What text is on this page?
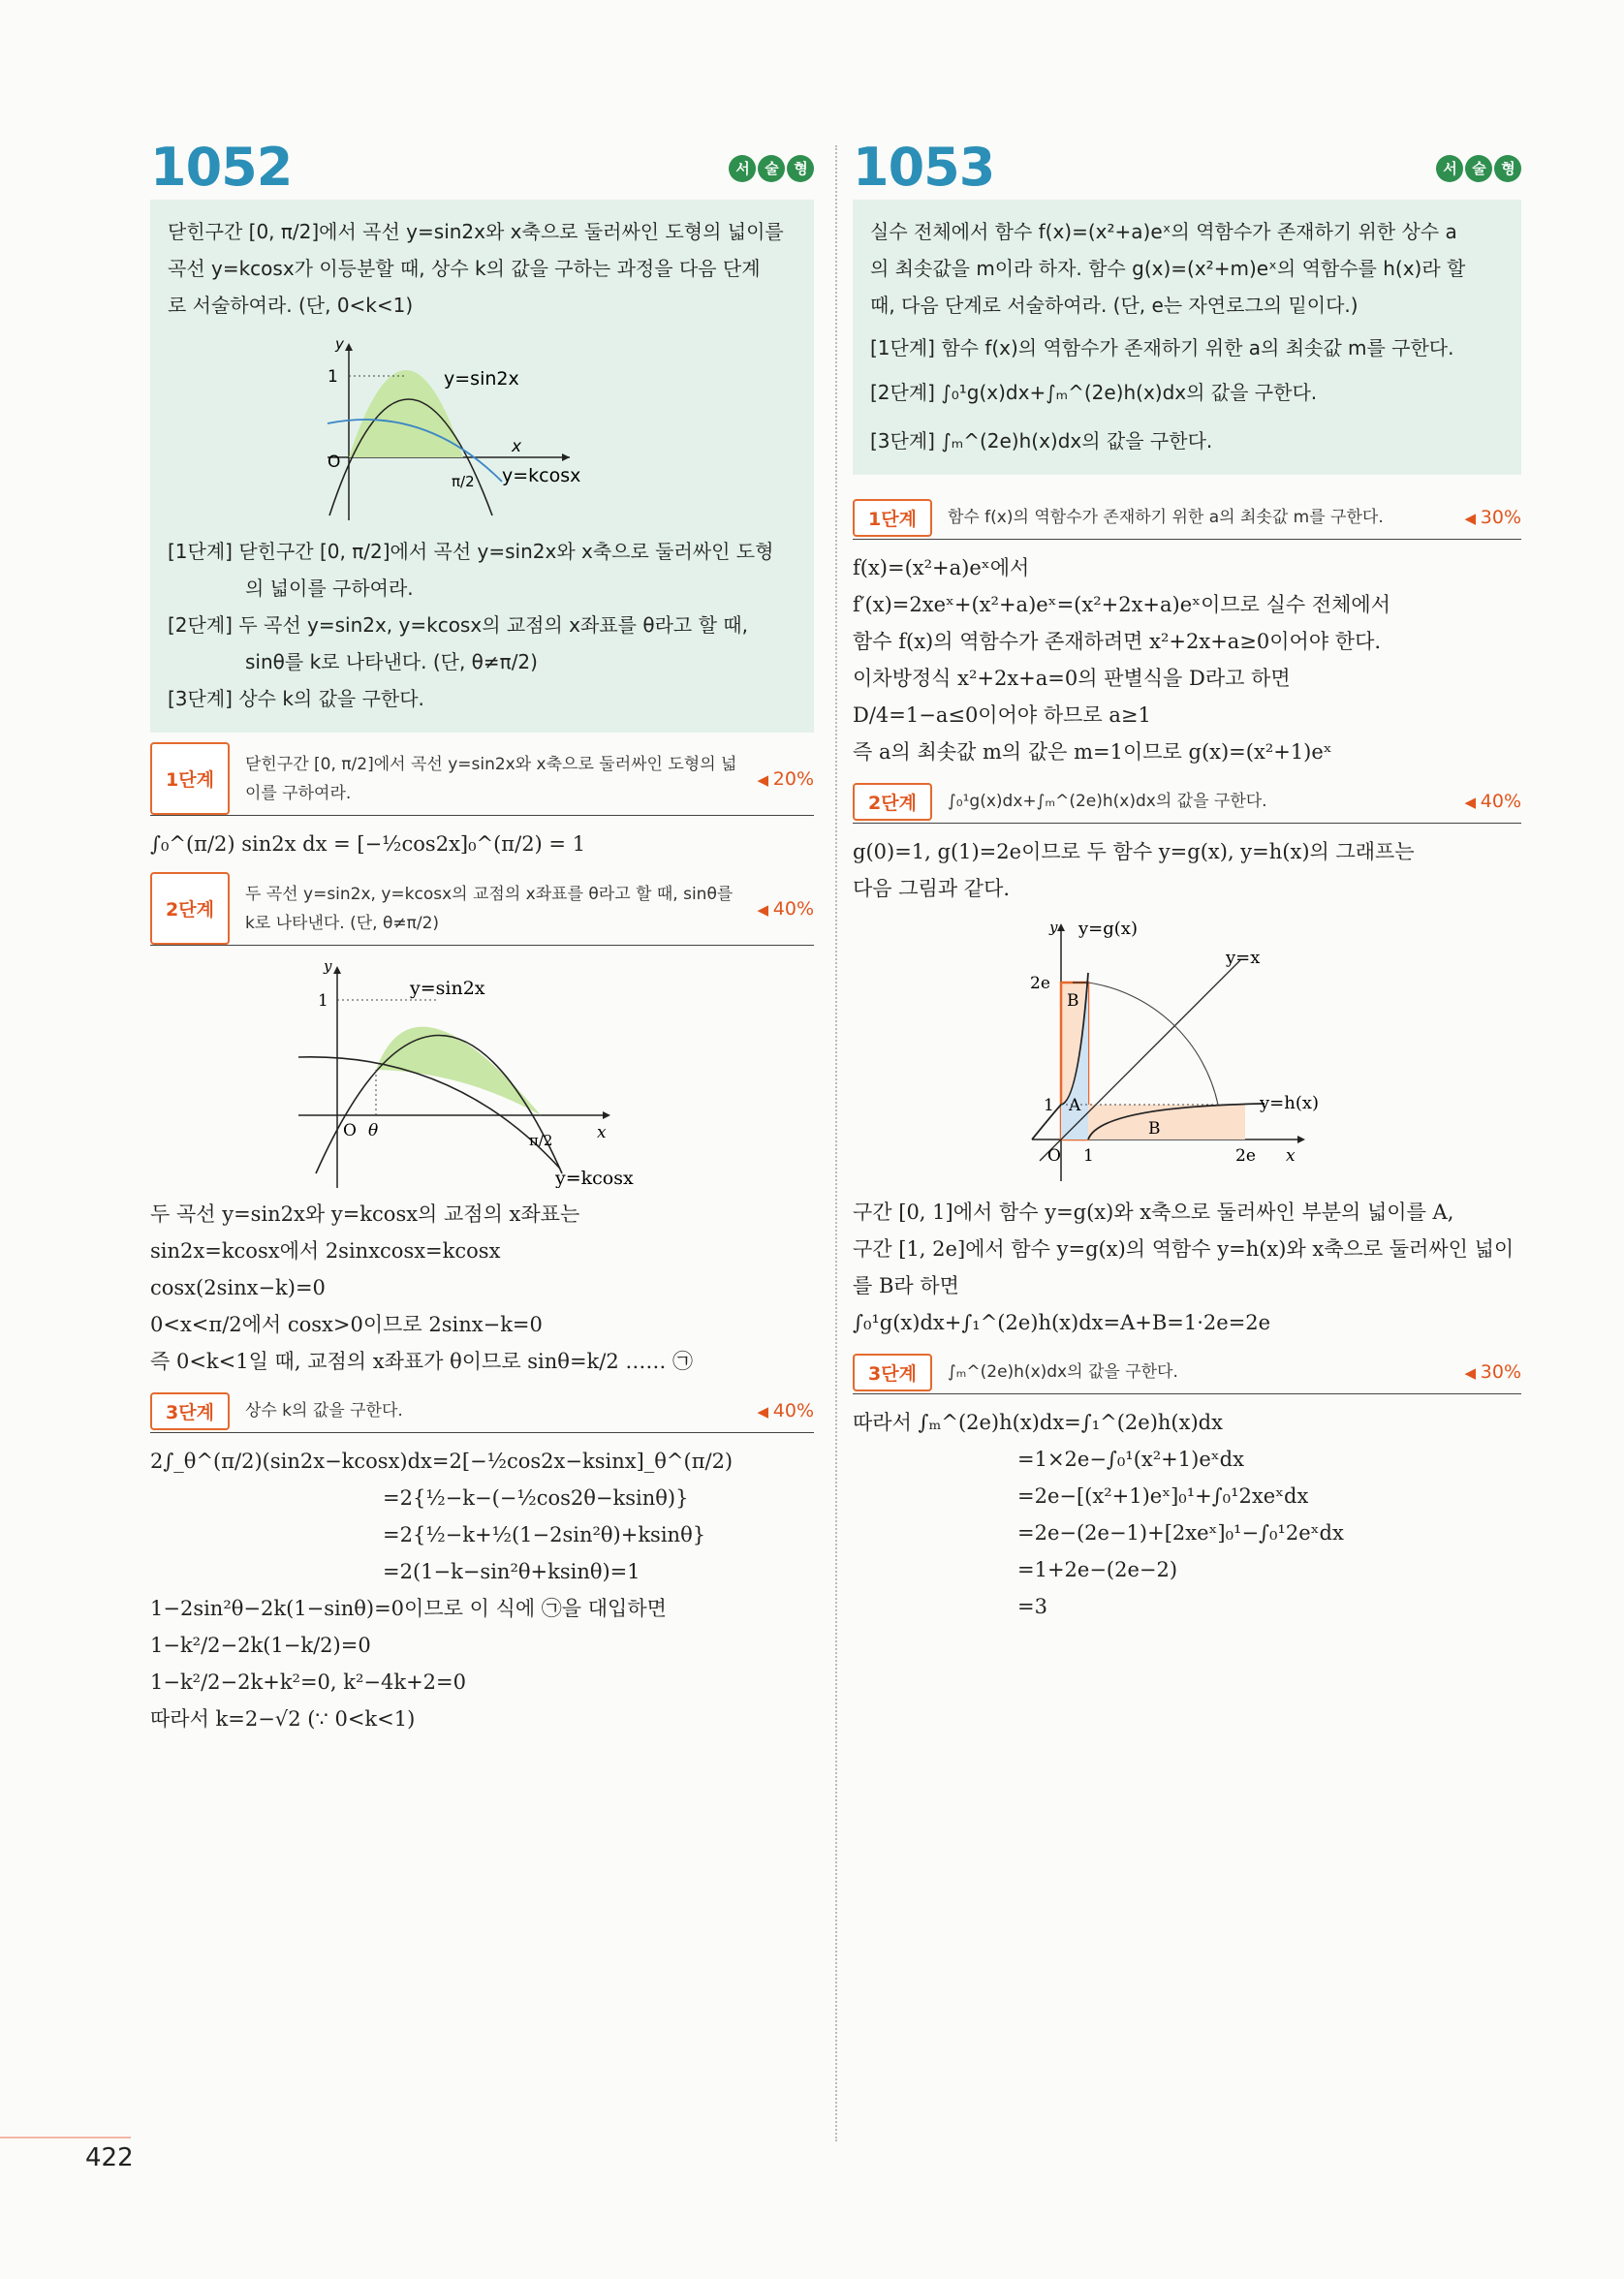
1052	서	술	형

닫힌구간 [0, π/2]에서 곡선 y=sin2x와 x축으로 둘러싸인 도형의 넓이를

곡선 y=kcosx가 이등분할 때, 상수 k의 값을 구하는 과정을 다음 단계

로 서술하여라. (단, 0<k<1)

y
1
O
x
π/2
y=sin2x
y=kcosx

[1단계] 닫힌구간 [0, π/2]에서 곡선 y=sin2x와 x축으로 둘러싸인 도형

의 넓이를 구하여라.

[2단계] 두 곡선 y=sin2x, y=kcosx의 교점의 x좌표를 θ라고 할 때,

sinθ를 k로 나타낸다. (단, θ≠π/2)

[3단계] 상수 k의 값을 구한다.

1단계
닫힌구간 [0, π/2]에서 곡선 y=sin2x와 x축으로 둘러싸인 도형의 넓이를 구하여라.
◀ 20%

∫₀^(π/2) sin2x dx = [−½cos2x]₀^(π/2) = 1

2단계
두 곡선 y=sin2x, y=kcosx의 교점의 x좌표를 θ라고 할 때, sinθ를 k로 나타낸다. (단, θ≠π/2)
◀ 40%
y
1
O θ	x
π/2
y=sin2x
y=kcosx

두 곡선 y=sin2x와 y=kcosx의 교점의 x좌표는

sin2x=kcosx에서 2sinxcosx=kcosx

cosx(2sinx−k)=0

0<x<π/2에서 cosx>0이므로 2sinx−k=0

즉 0<k<1일 때, 교점의 x좌표가 θ이므로 sinθ=k/2 …… ㉠

3단계	상수 k의 값을 구한다.	◀ 40%

2∫_θ^(π/2)(sin2x−kcosx)dx=2[−½cos2x−ksinx]_θ^(π/2)

=2{½−k−(−½cos2θ−ksinθ)}

=2{½−k+½(1−2sin²θ)+ksinθ}

=2(1−k−sin²θ+ksinθ)=1

1−2sin²θ−2k(1−sinθ)=0이므로 이 식에 ㉠을 대입하면

1−k²/2−2k(1−k/2)=0

1−k²/2−2k+k²=0, k²−4k+2=0

따라서 k=2−√2 (∵ 0<k<1)

1053	서	술	형

실수 전체에서 함수 f(x)=(x²+a)eˣ의 역함수가 존재하기 위한 상수 a

의 최솟값을 m이라 하자. 함수 g(x)=(x²+m)eˣ의 역함수를 h(x)라 할

때, 다음 단계로 서술하여라. (단, e는 자연로그의 밑이다.)

[1단계] 함수 f(x)의 역함수가 존재하기 위한 a의 최솟값 m를 구한다.

[2단계] ∫₀¹g(x)dx+∫ₘ^(2e)h(x)dx의 값을 구한다.

[3단계] ∫ₘ^(2e)h(x)dx의 값을 구한다.

1단계	함수 f(x)의 역함수가 존재하기 위한 a의 최솟값 m를 구한다.	◀ 30%

f(x)=(x²+a)eˣ에서

f′(x)=2xeˣ+(x²+a)eˣ=(x²+2x+a)eˣ이므로 실수 전체에서

함수 f(x)의 역함수가 존재하려면 x²+2x+a≥0이어야 한다.

이차방정식 x²+2x+a=0의 판별식을 D라고 하면

D/4=1−a≤0이어야 하므로 a≥1

즉 a의 최솟값 m의 값은 m=1이므로 g(x)=(x²+1)eˣ

2단계	∫₀¹g(x)dx+∫ₘ^(2e)h(x)dx의 값을 구한다.	◀ 40%

g(0)=1, g(1)=2e이므로 두 함수 y=g(x), y=h(x)의 그래프는

다음 그림과 같다.

y y=g(x)
y=x
y=h(x)
2e
1
O 1	2e x
A
B
B

구간 [0, 1]에서 함수 y=g(x)와 x축으로 둘러싸인 부분의 넓이를 A,

구간 [1, 2e]에서 함수 y=g(x)의 역함수 y=h(x)와 x축으로 둘러싸인 넓이

를 B라 하면

∫₀¹g(x)dx+∫₁^(2e)h(x)dx=A+B=1·2e=2e

3단계	∫ₘ^(2e)h(x)dx의 값을 구한다.	◀ 30%

따라서 ∫ₘ^(2e)h(x)dx=∫₁^(2e)h(x)dx

=1×2e−∫₀¹(x²+1)eˣdx

=2e−[(x²+1)eˣ]₀¹+∫₀¹2xeˣdx

=2e−(2e−1)+[2xeˣ]₀¹−∫₀¹2eˣdx

=1+2e−(2e−2)

=3

422
